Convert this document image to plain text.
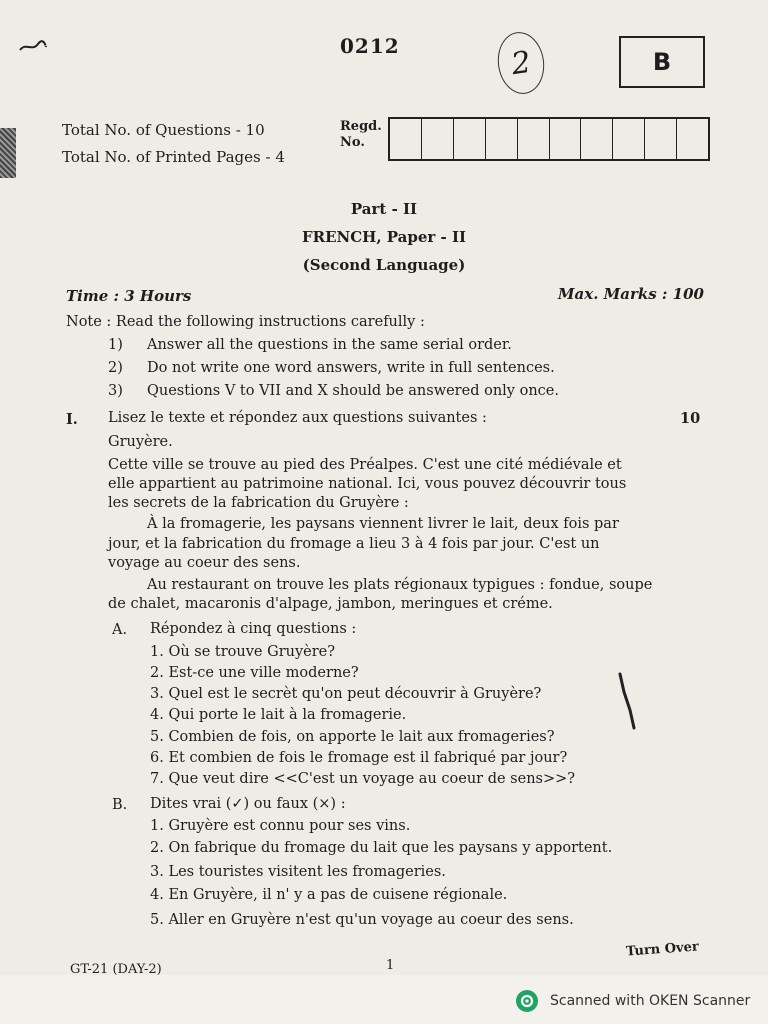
0212	2	B
Total No. of Questions - 10
Total No. of Printed Pages - 4
Regd.
No.
Part - II
FRENCH, Paper - II
(Second Language)
Time : 3 Hours	Max. Marks : 100
Note : Read the following instructions carefully :
1) Answer all the questions in the same serial order.
2) Do not write one word answers, write in full sentences.
3) Questions V to VII and X should be answered only once.
I. Lisez le texte et répondez aux questions suivantes :	10
Gruyère.
Cette ville se trouve au pied des Préalpes. C'est une cité médiévale et
elle appartient au patrimoine national. Ici, vous pouvez découvrir tous
les secrets de la fabrication du Gruyère :
À la fromagerie, les paysans viennent livrer le lait, deux fois par
jour, et la fabrication du fromage a lieu 3 à 4 fois par jour. C'est un
voyage au coeur des sens.
Au restaurant on trouve les plats régionaux typigues : fondue, soupe
de chalet, macaronis d'alpage, jambon, meringues et créme.
A. Répondez à cinq questions :
1. Où se trouve Gruyère?
2. Est-ce une ville moderne?
3. Quel est le secrèt qu'on peut découvrir à Gruyère?
4. Qui porte le lait à la fromagerie.
5. Combien de fois, on apporte le lait aux fromageries?
6. Et combien de fois le fromage est il fabriqué par jour?
7. Que veut dire <<C'est un voyage au coeur de sens>>?
B. Dites vrai (✓) ou faux (×) :
1. Gruyère est connu pour ses vins.
2. On fabrique du fromage du lait que les paysans y apportent.
3. Les touristes visitent les fromageries.
4. En Gruyère, il n' y a pas de cuisene régionale.
5. Aller en Gruyère n'est qu'un voyage au coeur des sens.
Turn Over
GT-21 (DAY-2)	1
Scanned with OKEN Scanner
